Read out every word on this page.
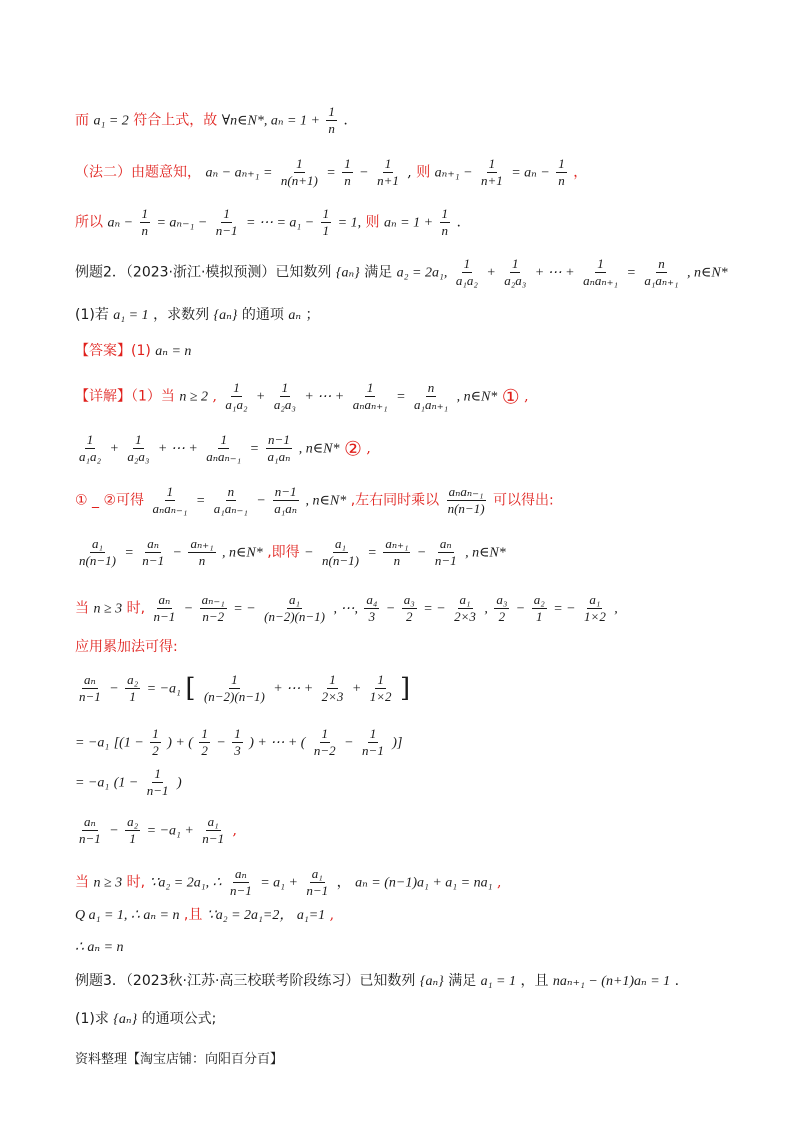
而 a₁ = 2 符合上式，故 ∀n∈N*, $a_n = 1 + \frac{1}{n}$ .
（法二）由题意知， $a_n - a_{n+1} = \frac{1}{n(n+1)} = \frac{1}{n} - \frac{1}{n+1}$ , 则 $a_{n+1} - \frac{1}{n+1} = a_n - \frac{1}{n}$ ，
所以 $a_n - \frac{1}{n} = a_{n-1} - \frac{1}{n-1}$ = ⋯ = $a_1 - \frac{1}{1} = 1$, 则 $a_n = 1 + \frac{1}{n}$ .
例题2．（2023·浙江·模拟预测）已知数列 {aₙ} 满足 a₂ = 2a₁, $\frac{1}{\text{a₁a₂}} + \frac{1}{\text{a₂a₃}}$ + ⋯ + $\frac{1}{\text{aₙaₙ₊₁}} = \frac{n}{\text{a₁aₙ₊₁}}$ , n∈N*
(1)若 a₁ = 1 ，求数列 {aₙ} 的通项 aₙ ；
【答案】(1) aₙ = n
【详解】（1）当 n ≥ 2 , $\frac{1}{\text{a₁a₂}} + \frac{1}{\text{a₂a₃}}$ + ⋯ + $\frac{1}{\text{aₙaₙ₊₁}} = \frac{n}{\text{a₁aₙ₊₁}}$ , n∈N* ① ,
$\frac{1}{\text{a₁a₂}} + \frac{1}{\text{a₂a₃}}$ + ⋯ + $\frac{1}{\text{aₙaₙ₋₁}} = \frac{n-1}{\text{a₁aₙ}}$ , n∈N* ② ,
① _ ②可得 $\frac{1}{\text{aₙaₙ₋₁}} = \frac{n}{\text{a₁aₙ₋₁}} - \frac{n-1}{\text{a₁aₙ}}$ , n∈N* ,左右同时乘以 $\frac{\text{aₙaₙ₋₁}}{n(n-1)}$ 可以得出:
$\frac{\text{a₁}}{n(n-1)} = \frac{\text{aₙ}}{n-1} - \frac{\text{aₙ₊₁}}{n}$ , n∈N* ,即得 − $\frac{\text{a₁}}{n(n-1)} = \frac{\text{aₙ₊₁}}{n} - \frac{\text{aₙ}}{n-1}$ , n∈N*
当 n ≥ 3 时, $\frac{\text{aₙ}}{n-1} - \frac{\text{aₙ₋₁}}{n-2}$ = − $\frac{\text{a₁}}{(n-2)(n-1)}$ , ⋯, $\frac{\text{a₄}}{3} - \frac{\text{a₃}}{2}$ = − $\frac{\text{a₁}}{2\times 3}$ , $\frac{\text{a₃}}{2} - \frac{\text{a₂}}{1}$ = − $\frac{\text{a₁}}{1\times 2}$ ,
应用累加法可得:
$\frac{\text{aₙ}}{n-1} - \frac{\text{a₂}}{1} = -a_1$ [ $\frac{1}{(n-2)(n-1)}$ + ⋯ + $\frac{1}{2\times 3} + \frac{1}{1\times 2}$ ]
= −a₁ [($1 - \frac{1}{2}$ ) + ( $\frac{1}{2} - \frac{1}{3}$ ) + ⋯ + ( $\frac{1}{n-2} - \frac{1}{n-1}$ )]
= −a₁ ($1 - \frac{1}{n-1}$ )
$\frac{\text{aₙ}}{n-1} - \frac{\text{a₂}}{1} = -a_1 + \frac{\text{a₁}}{n-1}$ ,
当 n ≥ 3 时, ∵a₂ = 2a₁, ∴ $\frac{\text{aₙ}}{n-1} = a_1 + \frac{\text{a₁}}{n-1}$ ， aₙ = (n−1)a₁ + a₁ = na₁ ,
Q a₁ = 1, ∴ aₙ = n ,且 ∵a₂ = 2a₁=2， a₁=1 ,
∴ aₙ = n
例题3．（2023秋·江苏·高三校联考阶段练习）已知数列 {aₙ} 满足 a₁ = 1 ，且 naₙ₊₁ − (n+1)aₙ = 1 .
(1)求 {aₙ} 的通项公式;
资料整理【淘宝店铺：向阳百分百】
